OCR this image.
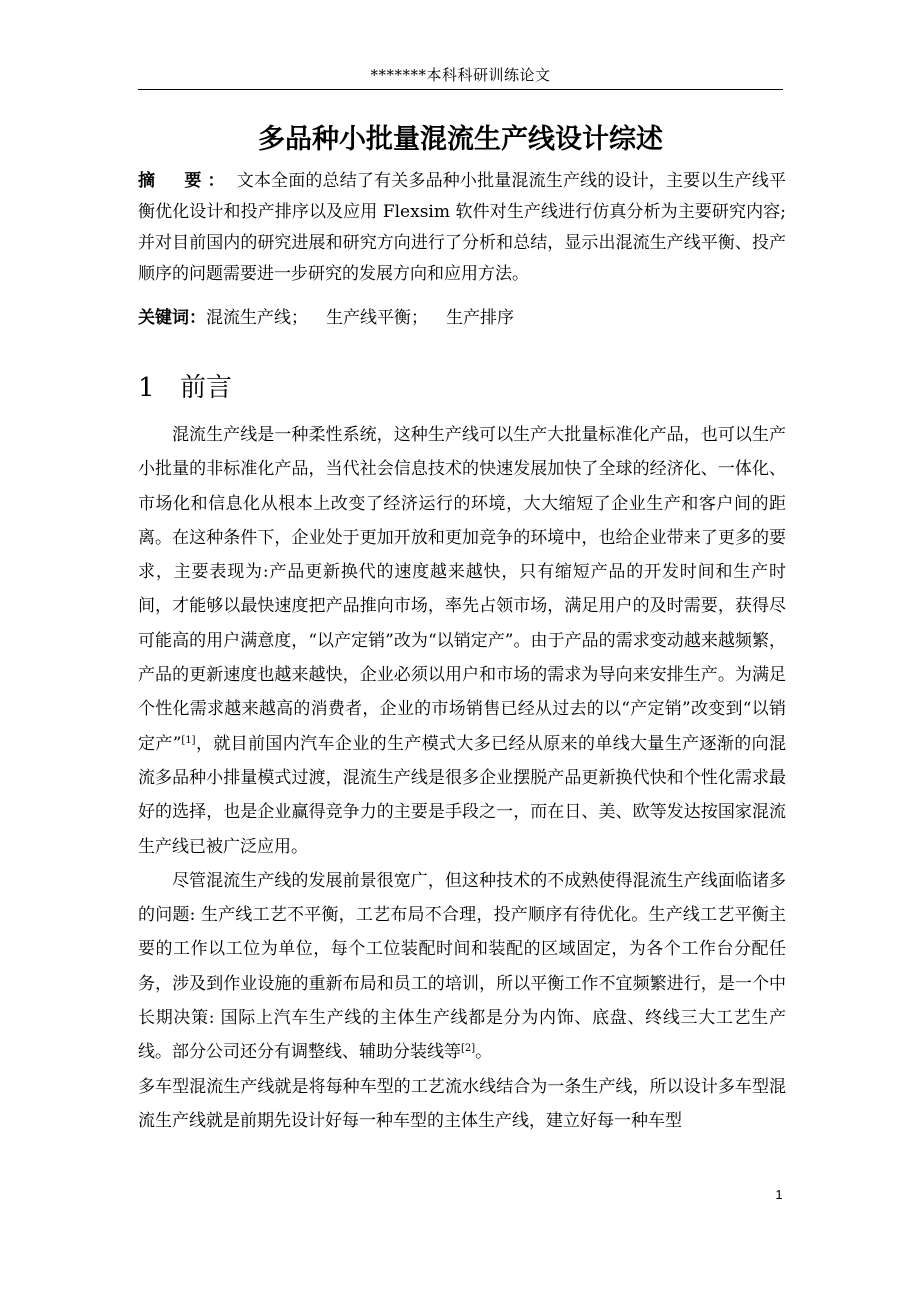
*******本科科研训练论文
多品种小批量混流生产线设计综述
摘　要： 文本全面的总结了有关多品种小批量混流生产线的设计，主要以生产线平衡优化设计和投产排序以及应用 Flexsim 软件对生产线进行仿真分析为主要研究内容; 并对目前国内的研究进展和研究方向进行了分析和总结，显示出混流生产线平衡、投产顺序的问题需要进一步研究的发展方向和应用方法。
关键词：混流生产线； 生产线平衡； 生产排序
1 前言

混流生产线是一种柔性系统，这种生产线可以生产大批量标准化产品，也可以生产小批量的非标准化产品，当代社会信息技术的快速发展加快了全球的经济化、一体化、市场化和信息化从根本上改变了经济运行的环境，大大缩短了企业生产和客户间的距离。在这种条件下，企业处于更加开放和更加竞争的环境中，也给企业带来了更多的要求，主要表现为:产品更新换代的速度越来越快，只有缩短产品的开发时间和生产时间，才能够以最快速度把产品推向市场，率先占领市场，满足用户的及时需要，获得尽可能高的用户满意度，“以产定销”改为“以销定产”。由于产品的需求变动越来越频繁，产品的更新速度也越来越快，企业必须以用户和市场的需求为导向来安排生产。为满足个性化需求越来越高的消费者，企业的市场销售已经从过去的以“产定销”改变到“以销定产”[1]，就目前国内汽车企业的生产模式大多已经从原来的单线大量生产逐渐的向混流多品种小排量模式过渡，混流生产线是很多企业摆脱产品更新换代快和个性化需求最好的选择，也是企业赢得竞争力的主要是手段之一，而在日、美、欧等发达按国家混流生产线已被广泛应用。

尽管混流生产线的发展前景很宽广，但这种技术的不成熟使得混流生产线面临诸多的问题: 生产线工艺不平衡，工艺布局不合理，投产顺序有待优化。生产线工艺平衡主要的工作以工位为单位，每个工位装配时间和装配的区域固定，为各个工作台分配任务，涉及到作业设施的重新布局和员工的培训，所以平衡工作不宜频繁进行，是一个中长期决策: 国际上汽车生产线的主体生产线都是分为内饰、底盘、终线三大工艺生产线。部分公司还分有调整线、辅助分装线等[2]。

多车型混流生产线就是将每种车型的工艺流水线结合为一条生产线，所以设计多车型混流生产线就是前期先设计好每一种车型的主体生产线，建立好每一种车型

1
